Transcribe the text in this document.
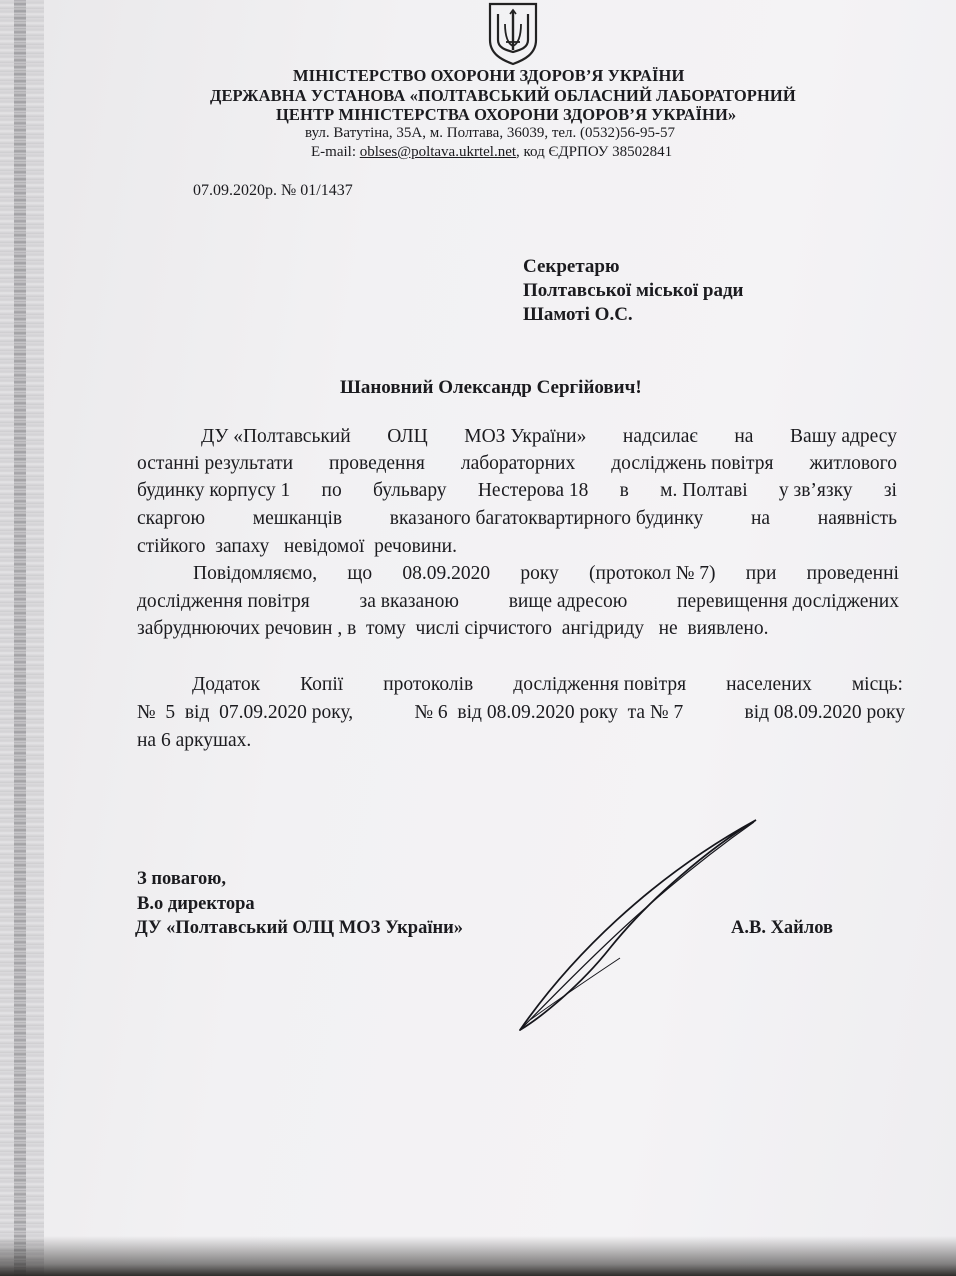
МІНІСТЕРСТВО ОХОРОНИ ЗДОРОВ’Я УКРАЇНИ
ДЕРЖАВНА УСТАНОВА «ПОЛТАВСЬКИЙ ОБЛАСНИЙ ЛАБОРАТОРНИЙ
ЦЕНТР МІНІСТЕРСТВА ОХОРОНИ ЗДОРОВ’Я УКРАЇНИ»
вул. Ватутіна, 35А, м. Полтава, 36039, тел. (0532)56-95-57
E-mail: oblses@poltava.ukrtel.net, код ЄДРПОУ 38502841
07.09.2020р. № 01/1437
Секретарю
Полтавської міської ради
Шамоті О.С.
Шановний Олександр Сергійович!
ДУ «Полтавський ОЛЦ МОЗ України» надсилає на Вашу адресу
останні результати проведення лабораторних досліджень повітря житлового
будинку корпусу 1 по бульвару Нестерова 18 в м. Полтаві у зв’язку зі
скаргою мешканців вказаного багатоквартирного будинку на наявність
стійкого  запаху   невідомої  речовини.
Повідомляємо, що 08.09.2020 року (протокол № 7) при проведенні
дослідження повітря	за вказаною	вище адресою	перевищення досліджених
забруднюючих речовин , в  тому  числі сірчистого  ангідриду   не  виявлено.
Додаток Копії протоколів дослідження повітря населених місць:
№  5  від  07.09.2020 року,	№ 6  від 08.09.2020 року  та № 7	від 08.09.2020 року
на 6 аркушах.
З повагою,
В.о директора
ДУ «Полтавський ОЛЦ МОЗ України»	А.В. Хайлов
